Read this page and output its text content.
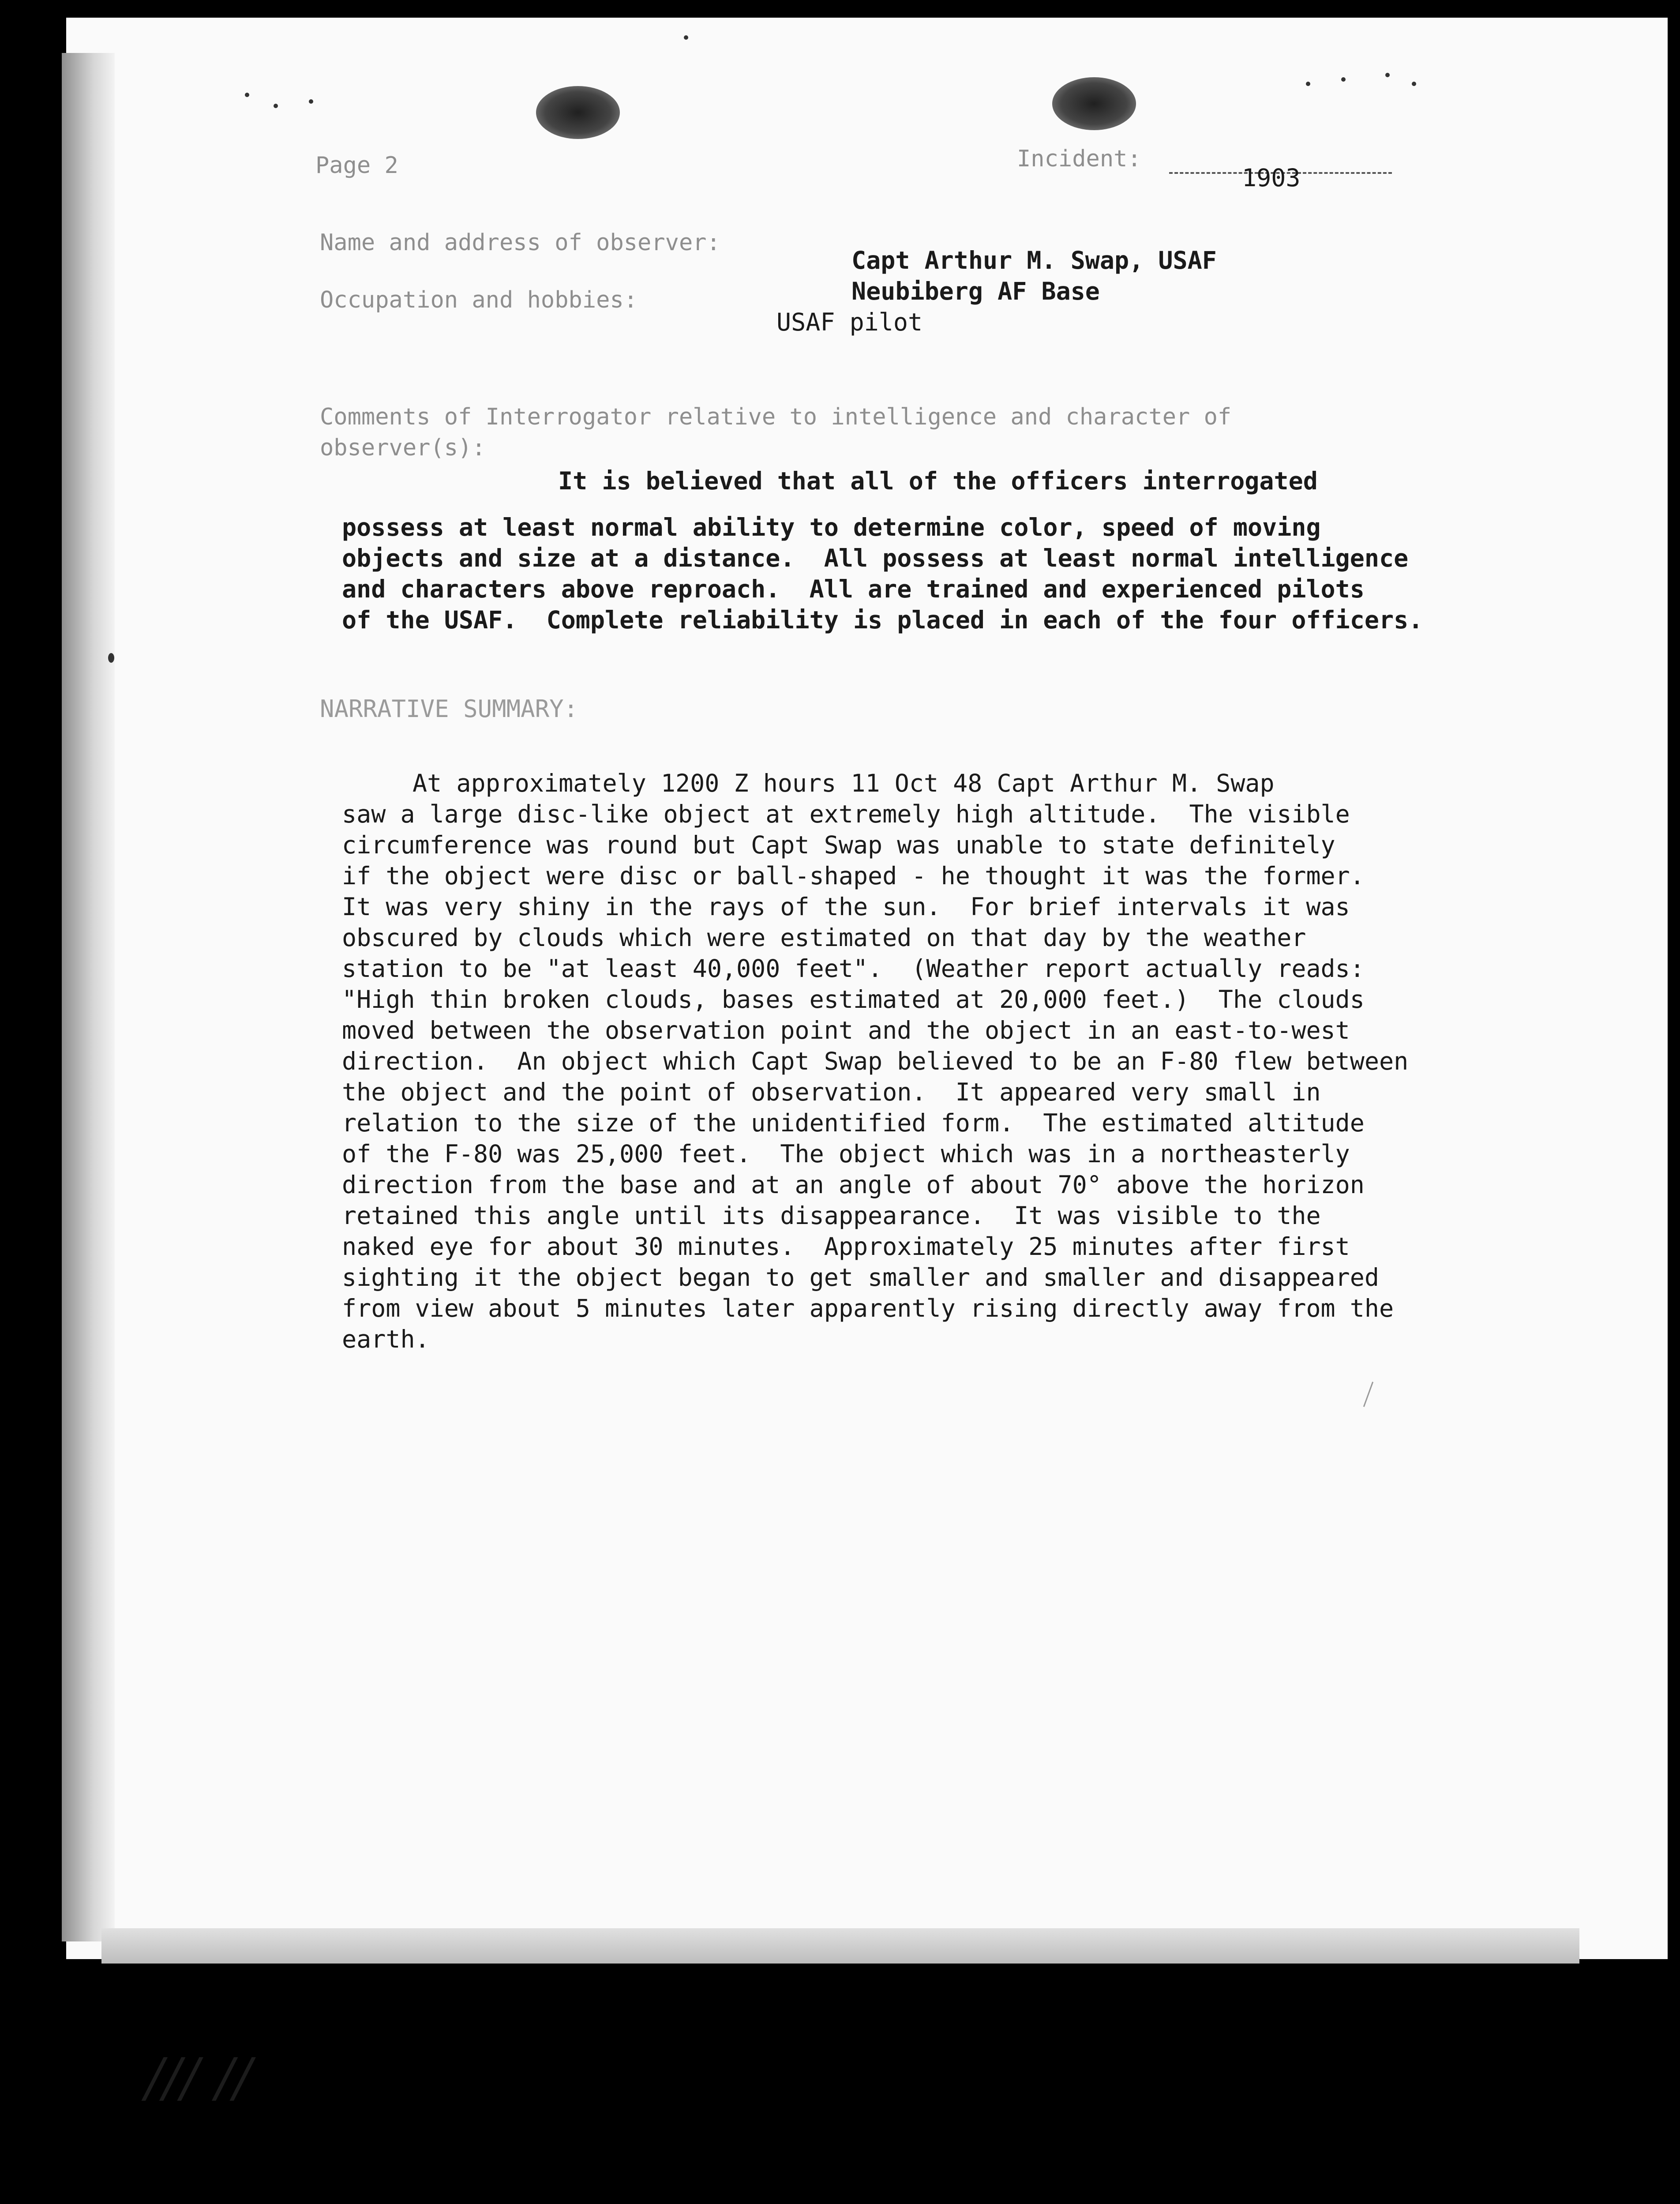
Page 2	Incident:
1903
Name and address of observer:
Capt Arthur M. Swap, USAF
Neubiberg AF Base
Occupation and hobbies:
USAF pilot
Comments of Interrogator relative to intelligence and character of
observer(s):
It is believed that all of the officers interrogated
possess at least normal ability to determine color, speed of moving
objects and size at a distance.  All possess at least normal intelligence
and characters above reproach.  All are trained and experienced pilots
of the USAF.  Complete reliability is placed in each of the four officers.
NARRATIVE SUMMARY:
At approximately 1200 Z hours 11 Oct 48 Capt Arthur M. Swap
saw a large disc-like object at extremely high altitude.  The visible
circumference was round but Capt Swap was unable to state definitely
if the object were disc or ball-shaped - he thought it was the former.
It was very shiny in the rays of the sun.  For brief intervals it was
obscured by clouds which were estimated on that day by the weather
station to be "at least 40,000 feet".  (Weather report actually reads:
"High thin broken clouds, bases estimated at 20,000 feet.)  The clouds
moved between the observation point and the object in an east-to-west
direction.  An object which Capt Swap believed to be an F-80 flew between
the object and the point of observation.  It appeared very small in
relation to the size of the unidentified form.  The estimated altitude
of the F-80 was 25,000 feet.  The object which was in a northeasterly
direction from the base and at an angle of about 70° above the horizon
retained this angle until its disappearance.  It was visible to the
naked eye for about 30 minutes.  Approximately 25 minutes after first
sighting it the object began to get smaller and smaller and disappeared
from view about 5 minutes later apparently rising directly away from the
earth.
/// //
